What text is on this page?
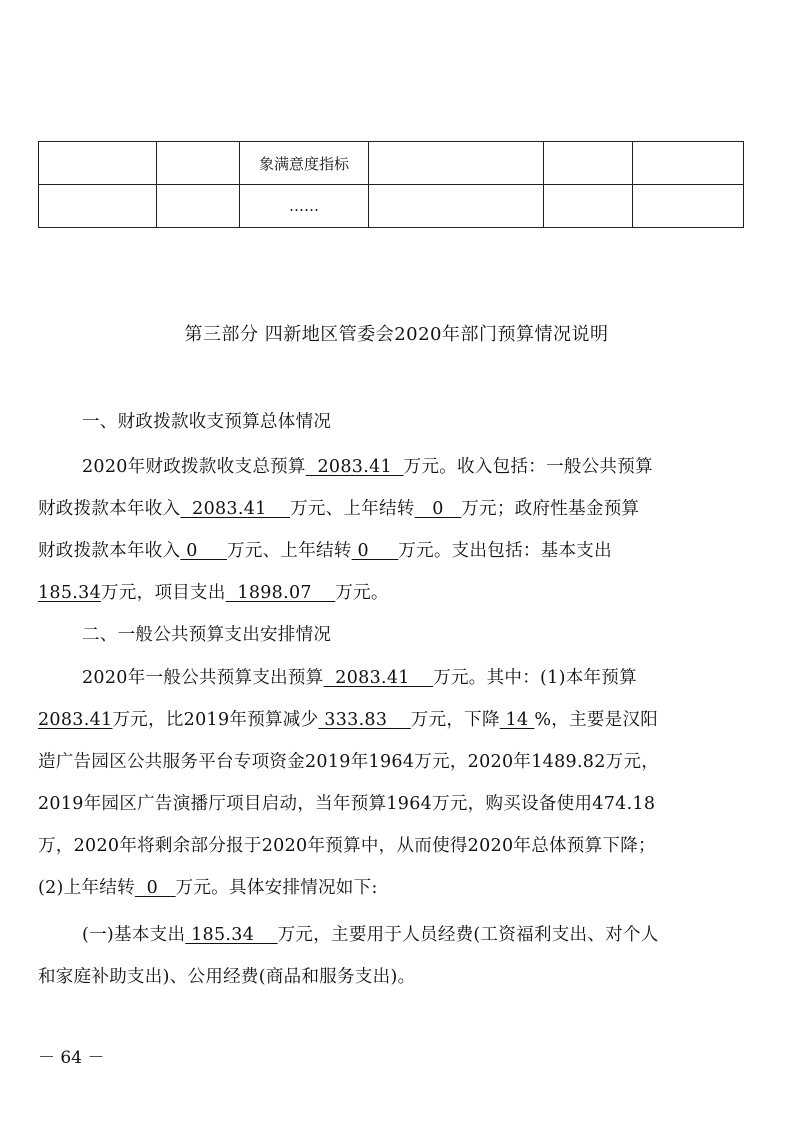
		象满意度指标			
		……			
第三部分 四新地区管委会2020年部门预算情况说明
一、财政拨款收支预算总体情况
2020年财政拨款收支总预算  2083.41  万元。收入包括：一般公共预算
财政拨款本年收入  2083.41    万元、上年结转   0   万元；政府性基金预算
财政拨款本年收入 0     万元、上年结转 0     万元。支出包括：基本支出
185.34万元，项目支出  1898.07    万元。
二、一般公共预算支出安排情况
2020年一般公共预算支出预算  2083.41    万元。其中：(1)本年预算
2083.41万元，比2019年预算减少 333.83    万元，下降 14 %，主要是汉阳
造广告园区公共服务平台专项资金2019年1964万元，2020年1489.82万元，
2019年园区广告演播厅项目启动，当年预算1964万元，购买设备使用474.18
万，2020年将剩余部分报于2020年预算中，从而使得2020年总体预算下降；
(2)上年结转  0   万元。具体安排情况如下:
(一)基本支出 185.34    万元，主要用于人员经费(工资福利支出、对个人
和家庭补助支出)、公用经费(商品和服务支出)。
－ 64 －
